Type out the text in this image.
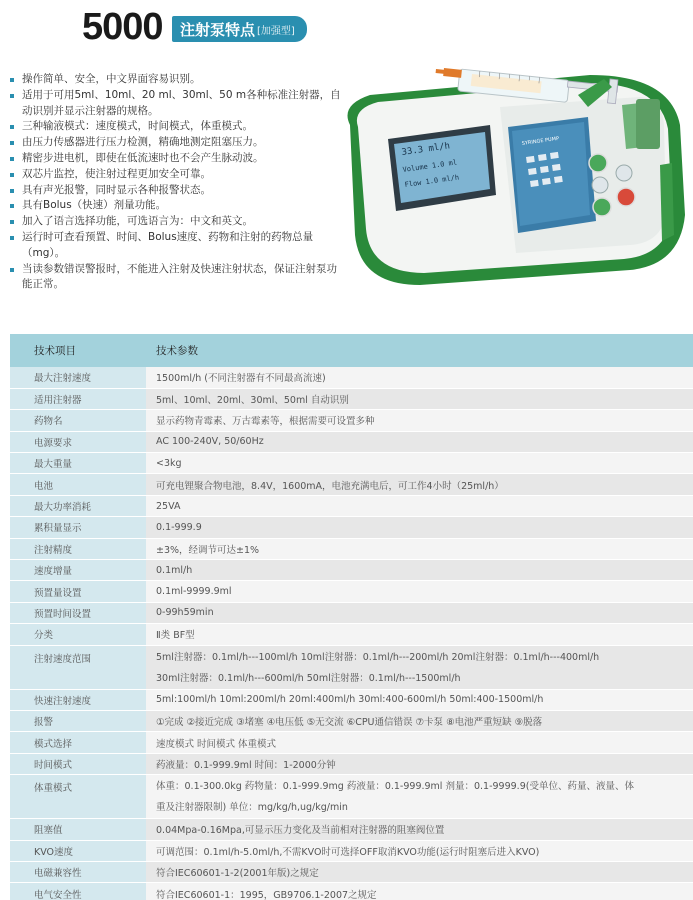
5000 注射泵特点 [加强型]
操作简单、安全，中文界面容易识别。
适用于可用5ml、10ml、20 ml、30ml、50 m各种标准注射器，自动识别并显示注射器的规格。
三种输液模式：速度模式，时间模式，体重模式。
由压力传感器进行压力检测，精确地测定阻塞压力。
精密步进电机，即使在低流速时也不会产生脉动波。
双芯片监控，使注射过程更加安全可靠。
具有声光报警，同时显示各种报警状态。
具有Bolus（快速）剂量功能。
加入了语言选择功能，可选语言为：中文和英文。
运行时可查看预置、时间、Bolus速度、药物和注射的药物总量（mg）。
当读参数错误警报时，不能进入注射及快速注射状态，保证注射泵功能正常。
33.3 ml/h
Volume 1.0 ml
Flow 1.0 ml/h
SYRINGE PUMP
技术项目	技术参数
最大注射速度	1500ml/h (不同注射器有不同最高流速)
适用注射器	5ml、10ml、20ml、30ml、50ml 自动识别
药物名	显示药物青霉素、万古霉素等，根据需要可设置多种
电源要求	AC 100-240V, 50/60Hz
最大重量	<3kg
电池	可充电锂聚合物电池，8.4V，1600mA，电池充满电后，可工作4小时（25ml/h）
最大功率消耗	25VA
累积量显示	0.1-999.9
注射精度	±3%，经调节可达±1%
速度增量	0.1ml/h
预置量设置	0.1ml-9999.9ml
预置时间设置	0-99h59min
分类	Ⅱ类 BF型
注射速度范围	5ml注射器：0.1ml/h---100ml/h 10ml注射器：0.1ml/h---200ml/h 20ml注射器：0.1ml/h---400ml/h
30ml注射器：0.1ml/h---600ml/h 50ml注射器：0.1ml/h---1500ml/h

快速注射速度	5ml:100ml/h 10ml:200ml/h 20ml:400ml/h 30ml:400-600ml/h 50ml:400-1500ml/h
报警	①完成 ②接近完成 ③堵塞 ④电压低 ⑤无交流 ⑥CPU通信错误 ⑦卡泵 ⑧电池严重短缺 ⑨脱落
模式选择	速度模式 时间模式 体重模式
时间模式	药液量：0.1-999.9ml 时间：1-2000分钟
体重模式	体重：0.1-300.0kg 药物量：0.1-999.9mg 药液量：0.1-999.9ml 剂量：0.1-9999.9(受单位、药量、液量、体
重及注射器限制) 单位：mg/kg/h,ug/kg/min

阻塞值	0.04Mpa-0.16Mpa,可显示压力变化及当前相对注射器的阻塞阀位置
KVO速度	可调范围：0.1ml/h-5.0ml/h,不需KVO时可选择OFF取消KVO功能(运行时阻塞后进入KVO)
电磁兼容性	符合IEC60601-1-2(2001年版)之规定
电气安全性	符合IEC60601-1：1995，GB9706.1-2007之规定
